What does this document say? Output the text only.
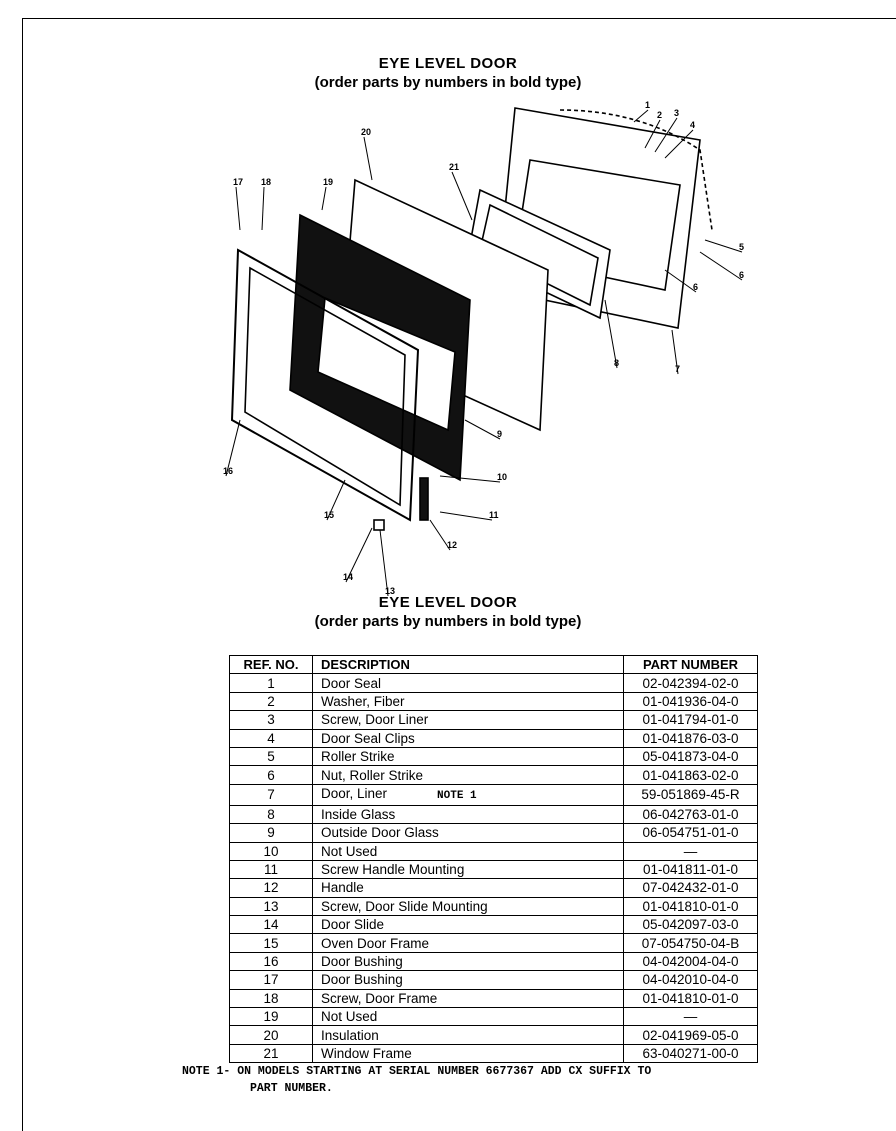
EYE LEVEL DOOR
(order parts by numbers in bold type)
1
2 3
4
5
6
6
7
8
9
10
11
12
13
14
15
16
17 18	19
20
21
EYE LEVEL DOOR
(order parts by numbers in bold type)
REF. NO.	DESCRIPTION	PART NUMBER
1	Door Seal	02-042394-02-0
2	Washer, Fiber	01-041936-04-0
3	Screw, Door Liner	01-041794-01-0
4	Door Seal Clips	01-041876-03-0
5	Roller Strike	05-041873-04-0
6	Nut, Roller Strike	01-041863-02-0
7	Door, Liner NOTE 1	59-051869-45-R
8	Inside Glass	06-042763-01-0
9	Outside Door Glass	06-054751-01-0
10	Not Used	—
11	Screw Handle Mounting	01-041811-01-0
12	Handle	07-042432-01-0
13	Screw, Door Slide Mounting	01-041810-01-0
14	Door Slide	05-042097-03-0
15	Oven Door Frame	07-054750-04-B
16	Door Bushing	04-042004-04-0
17	Door Bushing	04-042010-04-0
18	Screw, Door Frame	01-041810-01-0
19	Not Used	—
20	Insulation	02-041969-05-0
21	Window Frame	63-040271-00-0
NOTE 1- ON MODELS STARTING AT SERIAL NUMBER 6677367 ADD CX SUFFIX TO
PART NUMBER.
